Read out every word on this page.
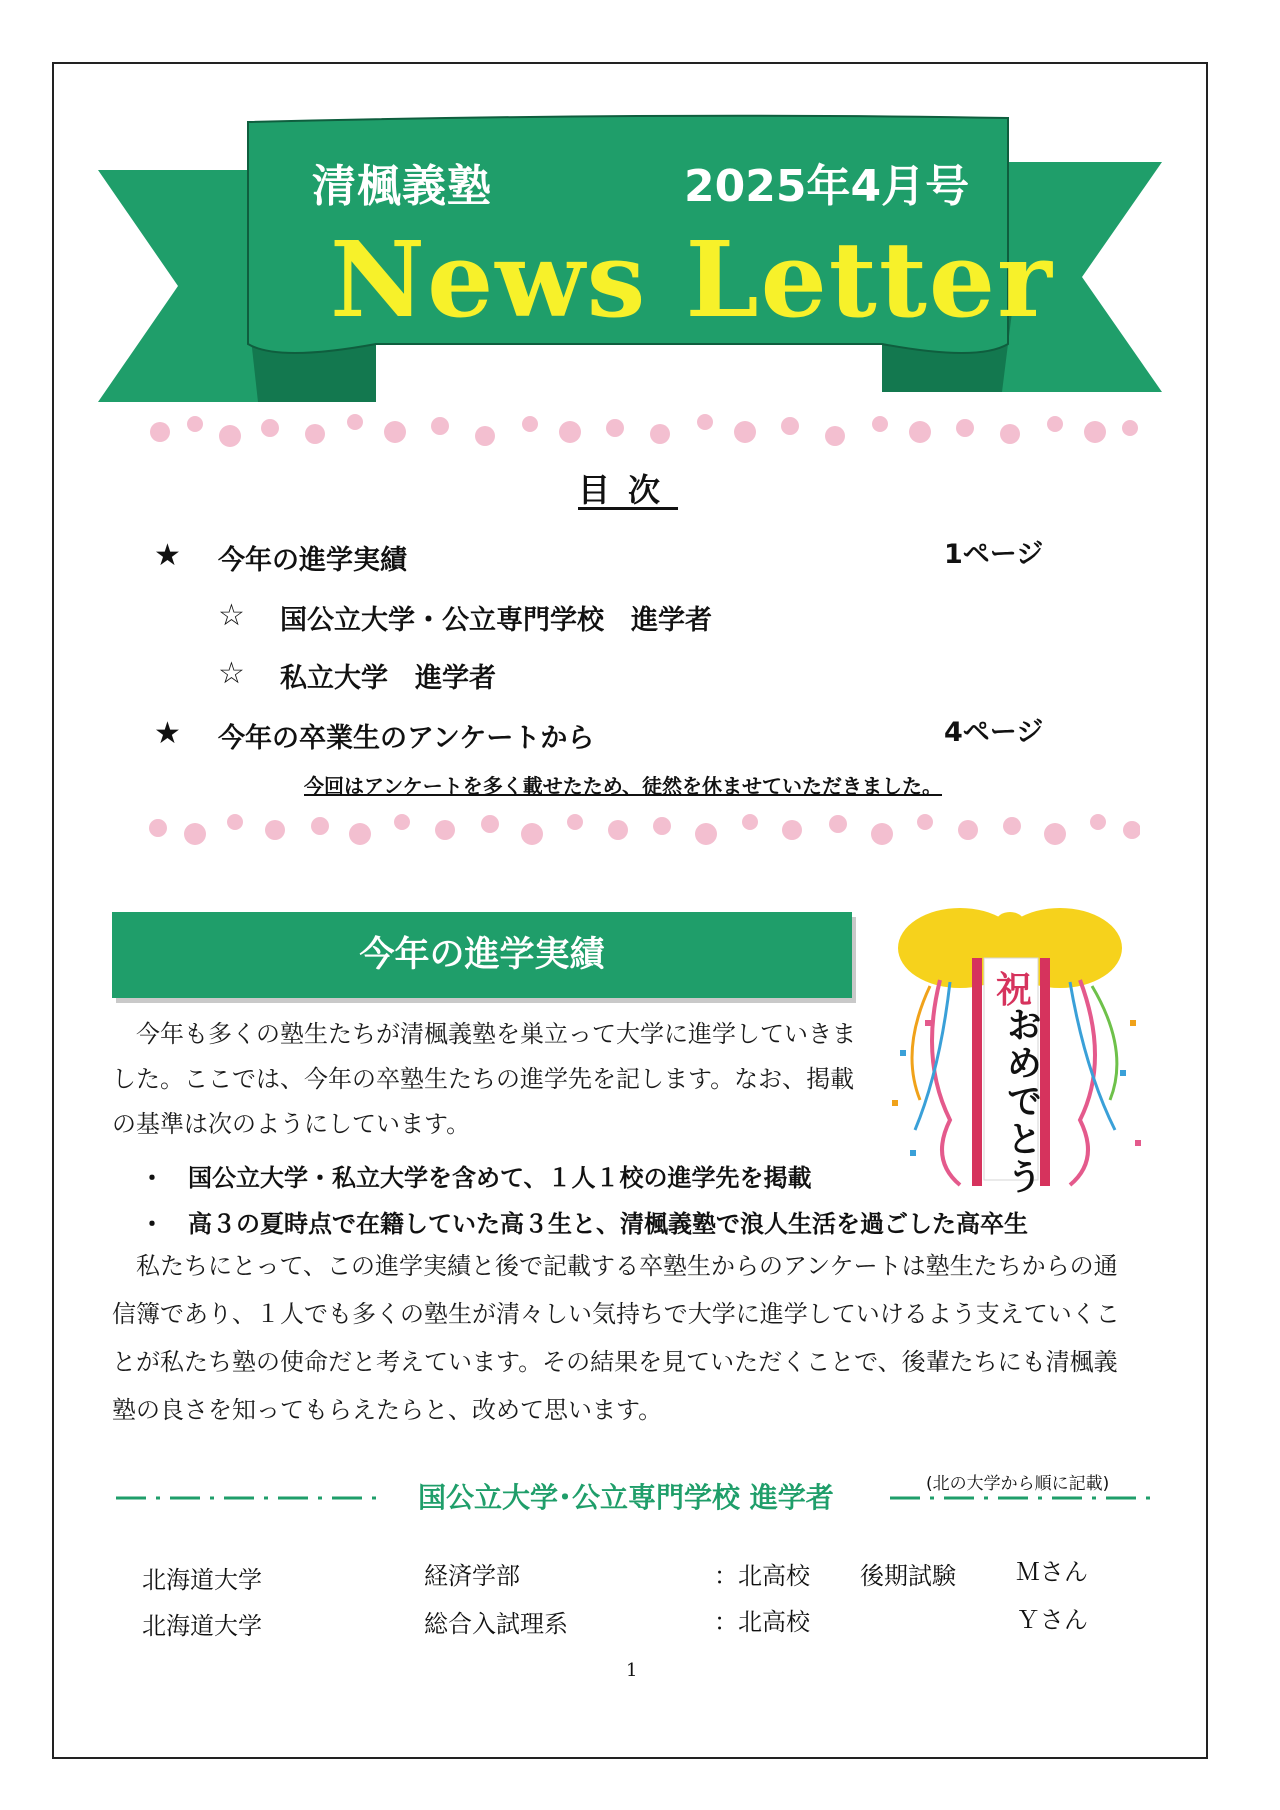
清楓義塾	2025年4月号
News Letter
目次
★ 今年の進学実績	1ページ
☆ 国公立大学・公立専門学校　進学者
☆ 私立大学　進学者
★ 今年の卒業生のアンケートから	4ページ
今回はアンケートを多く載せたため、徒然を休ませていただきました。
今年の進学実績
祝
おめでとう
今年も多くの塾生たちが清楓義塾を巣立って大学に進学していきま
した。ここでは、今年の卒塾生たちの進学先を記します。なお、掲載
の基準は次のようにしています。
・　国公立大学・私立大学を含めて、１人１校の進学先を掲載
・　高３の夏時点で在籍していた高３生と、清楓義塾で浪人生活を過ごした高卒生
私たちにとって、この進学実績と後で記載する卒塾生からのアンケートは塾生たちからの通
信簿であり、１人でも多くの塾生が清々しい気持ちで大学に進学していけるよう支えていくこ
とが私たち塾の使命だと考えています。その結果を見ていただくことで、後輩たちにも清楓義
塾の良さを知ってもらえたらと、改めて思います。
国公立大学･公立専門学校 進学者	(北の大学から順に記載)
北海道大学	経済学部	：北高校 後期試験	Ｍさん
北海道大学	総合入試理系	：北高校	Ｙさん
1
